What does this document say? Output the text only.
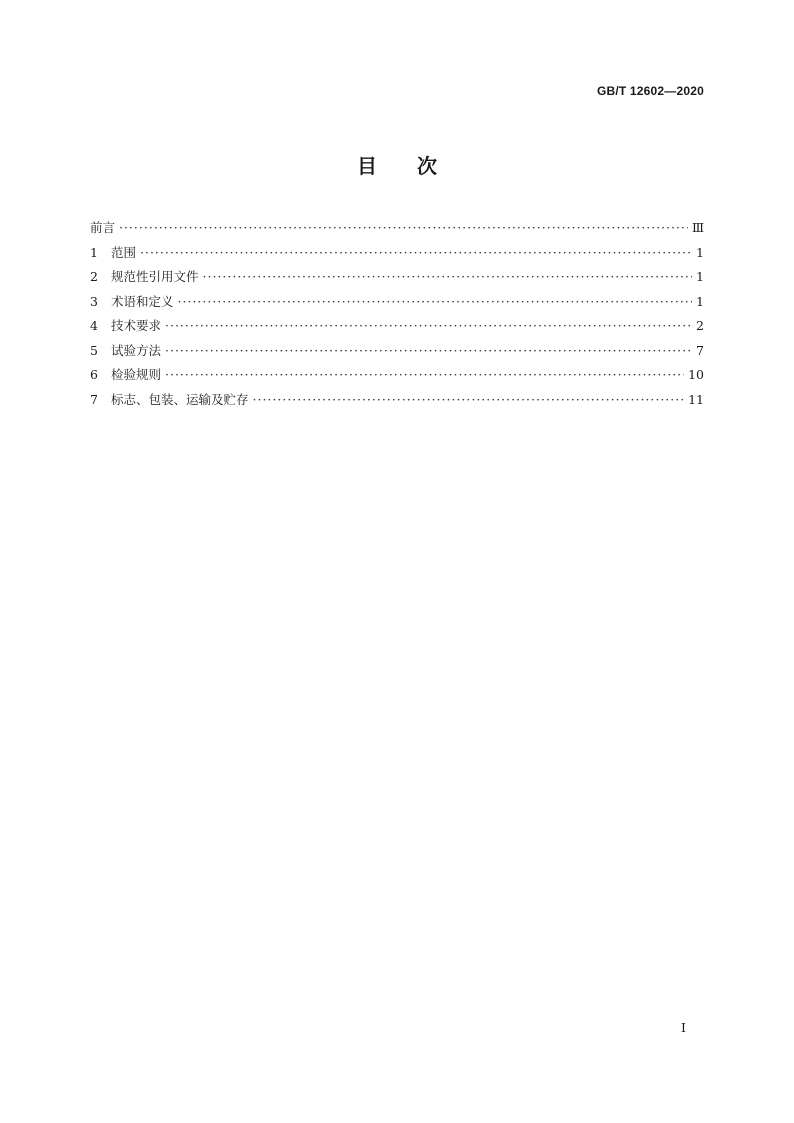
GB/T 12602—2020
目　　次
前言 ·····	Ⅲ
1	范围 ·····	1
2	规范性引用文件 ·····	1
3	术语和定义 ·····	1
4	技术要求 ·····	2
5	试验方法 ·····	7
6	检验规则 ·····	10
7	标志、包装、运输及贮存 ·····	11
Ⅰ
